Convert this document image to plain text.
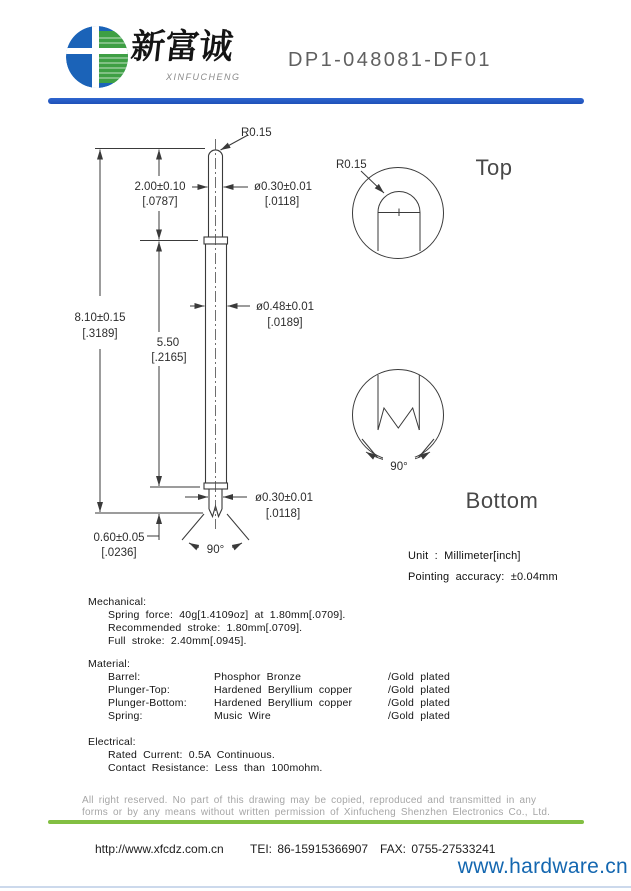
新富诚
XINFUCHENG
DP1-048081-DF01
R0.15
2.00±0.10
[.0787]
ø0.30±0.01
[.0118]
8.10±0.15
[.3189]
5.50
[.2165]
ø0.48±0.01
[.0189]
ø0.30±0.01
[.0118]
0.60±0.05
[.0236]	90°
R0.15	Top
90°
Bottom
Unit : Millimeter[inch]
Pointing accuracy: ±0.04mm
Mechanical:
Spring force: 40g[1.4109oz] at 1.80mm[.0709].
Recommended stroke: 1.80mm[.0709].
Full stroke: 2.40mm[.0945].
Material:
Barrel:	Phosphor Bronze	/Gold plated
Plunger-Top:	Hardened Beryllium copper	/Gold plated
Plunger-Bottom:	Hardened Beryllium copper	/Gold plated
Spring:	Music Wire	/Gold plated
Electrical:
Rated Current: 0.5A Continuous.
Contact Resistance: Less than 100mohm.
All right reserved. No part of this drawing may be copied, reproduced and transmitted in any
forms or by any means without written permission of Xinfucheng Shenzhen Electronics Co., Ltd.
http://www.xfcdz.com.cn TEI: 86-15915366907 FAX: 0755-27533241
www.hardware.cn
